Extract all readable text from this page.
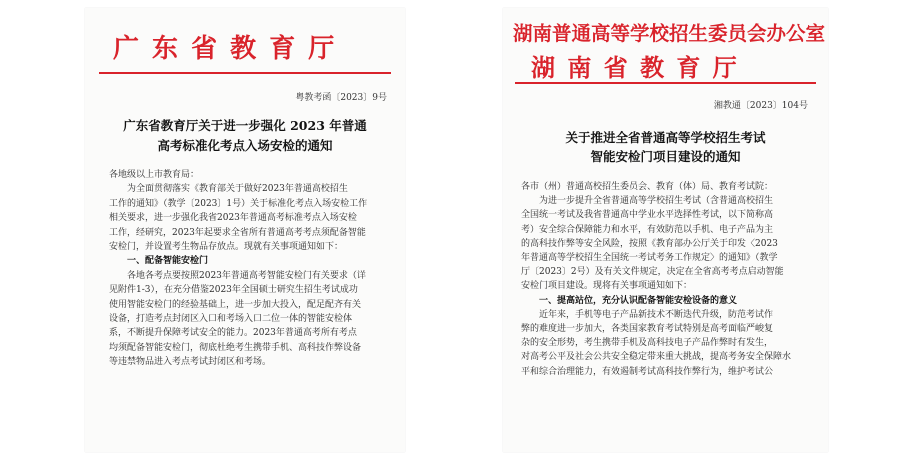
广 东 省 教 育 厅
粤教考函〔2023〕9号
广东省教育厅关于进一步强化 2023 年普通
高考标准化考点入场安检的通知

各地级以上市教育局：

为全面贯彻落实《教育部关于做好2023年普通高校招生

工作的通知》（教学〔2023〕1号）关于标准化考点入场安检工作

相关要求，进一步强化我省2023年普通高考标准考点入场安检

工作，经研究，2023年起要求全省所有普通高考考点须配备智能

安检门，并设置考生物品存放点。现就有关事项通知如下：

一、配备智能安检门

各地各考点要按照2023年普通高考智能安检门有关要求（详

见附件1-3），在充分借鉴2023年全国硕士研究生招生考试成功

使用智能安检门的经验基础上，进一步加大投入，配足配齐有关

设备，打造考点封闭区入口和考场入口二位一体的智能安检体

系，不断提升保障考试安全的能力。2023年普通高考所有考点

均须配备智能安检门，彻底杜绝考生携带手机、高科技作弊设备

等违禁物品进入考点考试封闭区和考场。

湖南普通高等学校招生委员会办公室
湖 南 省 教 育 厅
湘教通〔2023〕104号
关于推进全省普通高等学校招生考试
智能安检门项目建设的通知

各市（州）普通高校招生委员会、教育（体）局、教育考试院：

为进一步提升全省普通高等学校招生考试（含普通高校招生

全国统一考试及我省普通高中学业水平选择性考试，以下简称高

考）安全综合保障能力和水平，有效防范以手机、电子产品为主

的高科技作弊等安全风险，按照《教育部办公厅关于印发〈2023

年普通高等学校招生全国统一考试考务工作规定〉的通知》（教学

厅〔2023〕2号）及有关文件规定，决定在全省高考考点启动智能

安检门项目建设。现将有关事项通知如下：

一、提高站位，充分认识配备智能安检设备的意义

近年来，手机等电子产品新技术不断迭代升级，防范考试作

弊的难度进一步加大，各类国家教育考试特别是高考面临严峻复

杂的安全形势，考生携带手机及高科技电子产品作弊时有发生，

对高考公平及社会公共安全稳定带来重大挑战，提高考务安全保障水

平和综合治理能力，有效遏制考试高科技作弊行为，维护考试公
